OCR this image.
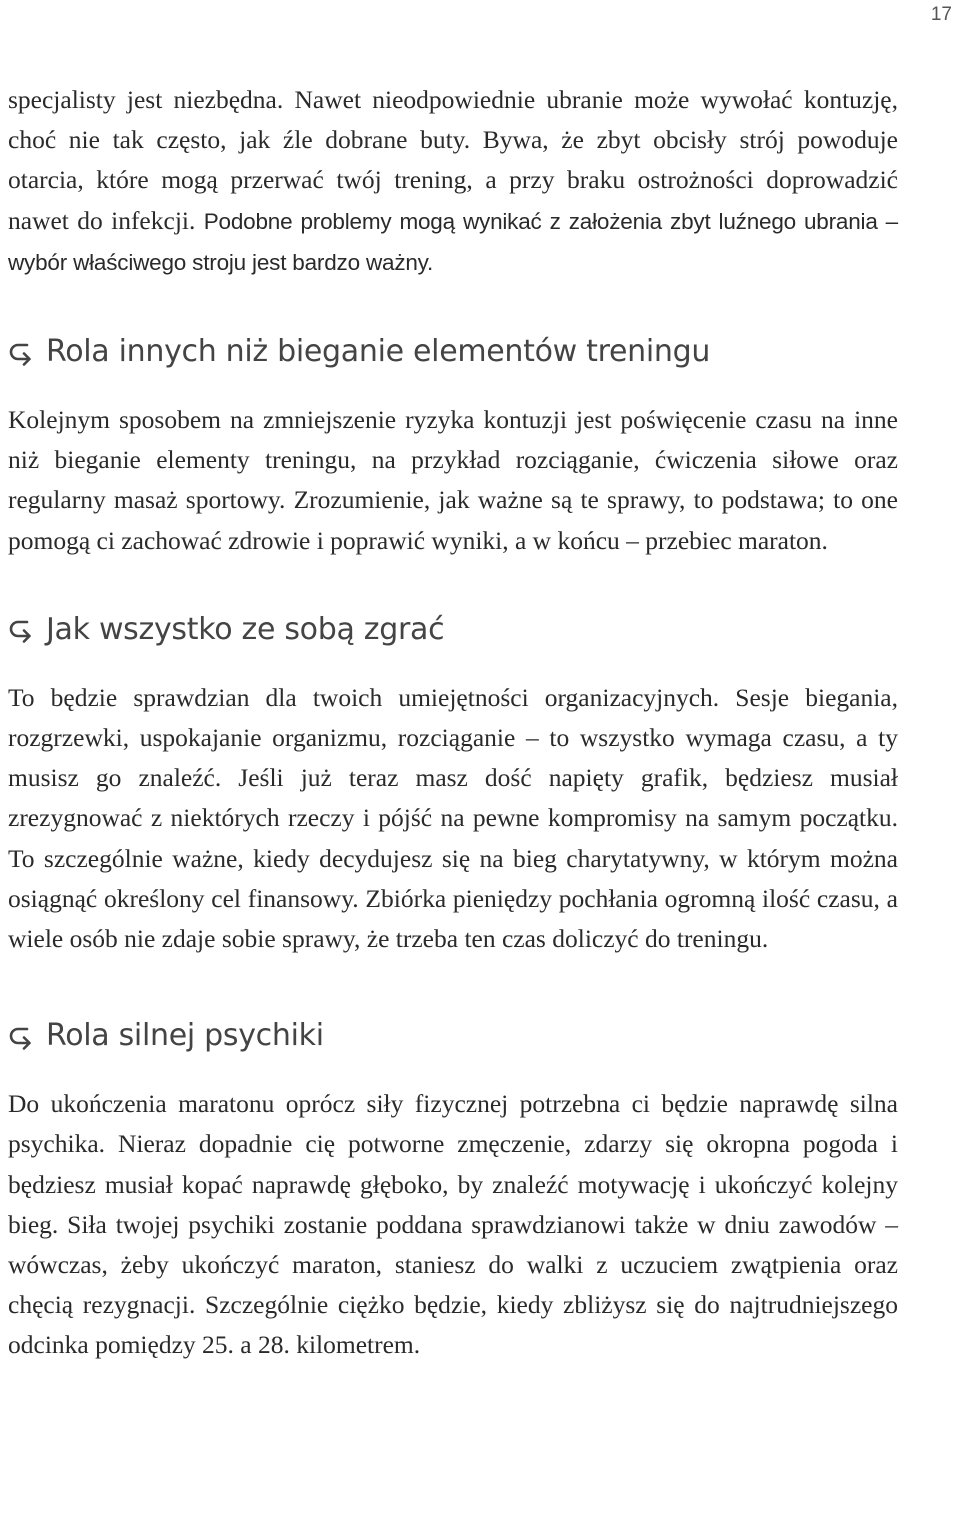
17

specjalisty jest niezbędna. Nawet nieodpowiednie ubranie może wywołać kontuzję, choć nie tak często, jak źle dobrane buty. Bywa, że zbyt obcisły strój powoduje otarcia, które mogą przerwać twój trening, a przy braku ostrożności doprowadzić nawet do infekcji. Podobne problemy mogą wynikać z założenia zbyt luźnego ubrania – wybór właściwego stroju jest bardzo ważny.

Rola innych niż bieganie elementów treningu

Kolejnym sposobem na zmniejszenie ryzyka kontuzji jest poświęcenie czasu na inne niż bieganie elementy treningu, na przykład rozciąganie, ćwiczenia siłowe oraz regularny masaż sportowy. Zrozumienie, jak ważne są te sprawy, to podstawa; to one pomogą ci zachować zdrowie i poprawić wyniki, a w końcu – przebiec maraton.

Jak wszystko ze sobą zgrać

To będzie sprawdzian dla twoich umiejętności organizacyjnych. Sesje biegania, rozgrzewki, uspokajanie organizmu, rozciąganie – to wszystko wymaga czasu, a ty musisz go znaleźć. Jeśli już teraz masz dość napięty grafik, będziesz musiał zrezygnować z niektórych rzeczy i pójść na pewne kompromisy na samym początku. To szczególnie ważne, kiedy decydujesz się na bieg charytatywny, w którym można osiągnąć określony cel finansowy. Zbiórka pieniędzy pochłania ogromną ilość czasu, a wiele osób nie zdaje sobie sprawy, że trzeba ten czas doliczyć do treningu.

Rola silnej psychiki

Do ukończenia maratonu oprócz siły fizycznej potrzebna ci będzie naprawdę silna psychika. Nieraz dopadnie cię potworne zmęczenie, zdarzy się okropna pogoda i będziesz musiał kopać naprawdę głęboko, by znaleźć motywację i ukończyć kolejny bieg. Siła twojej psychiki zostanie poddana sprawdzianowi także w dniu zawodów – wówczas, żeby ukończyć maraton, staniesz do walki z uczuciem zwątpienia oraz chęcią rezygnacji. Szczególnie ciężko będzie, kiedy zbliżysz się do najtrudniejszego odcinka pomiędzy 25. a 28. kilometrem.
